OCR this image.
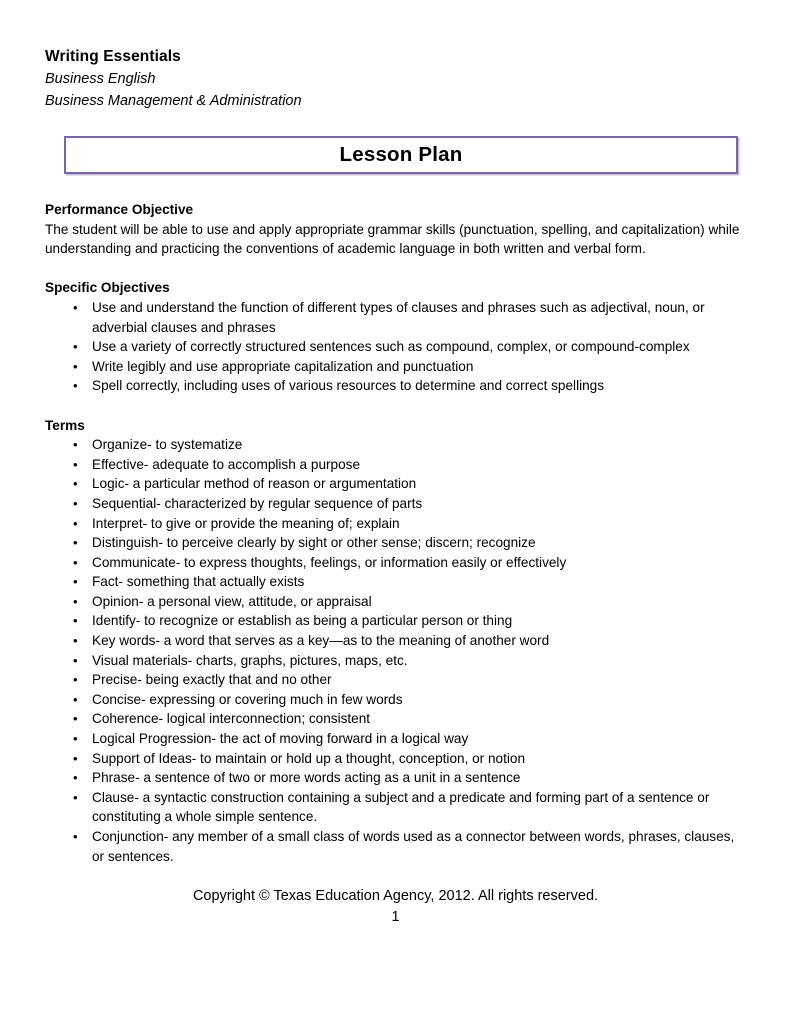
Writing Essentials
Business English
Business Management & Administration
Lesson Plan
Performance Objective
The student will be able to use and apply appropriate grammar skills (punctuation, spelling, and capitalization) while understanding and practicing the conventions of academic language in both written and verbal form.
Specific Objectives
• Use and understand the function of different types of clauses and phrases such as adjectival, noun, or adverbial clauses and phrases
• Use a variety of correctly structured sentences such as compound, complex, or compound-complex
• Write legibly and use appropriate capitalization and punctuation
• Spell correctly, including uses of various resources to determine and correct spellings
Terms
• Organize- to systematize
• Effective- adequate to accomplish a purpose
• Logic- a particular method of reason or argumentation
• Sequential- characterized by regular sequence of parts
• Interpret- to give or provide the meaning of; explain
• Distinguish- to perceive clearly by sight or other sense; discern; recognize
• Communicate- to express thoughts, feelings, or information easily or effectively
• Fact- something that actually exists
• Opinion- a personal view, attitude, or appraisal
• Identify- to recognize or establish as being a particular person or thing
• Key words- a word that serves as a key—as to the meaning of another word
• Visual materials- charts, graphs, pictures, maps, etc.
• Precise- being exactly that and no other
• Concise- expressing or covering much in few words
• Coherence- logical interconnection; consistent
• Logical Progression- the act of moving forward in a logical way
• Support of Ideas- to maintain or hold up a thought, conception, or notion
• Phrase- a sentence of two or more words acting as a unit in a sentence
• Clause- a syntactic construction containing a subject and a predicate and forming part of a sentence or constituting a whole simple sentence.
• Conjunction- any member of a small class of words used as a connector between words, phrases, clauses, or sentences.
Copyright © Texas Education Agency, 2012. All rights reserved.
1
